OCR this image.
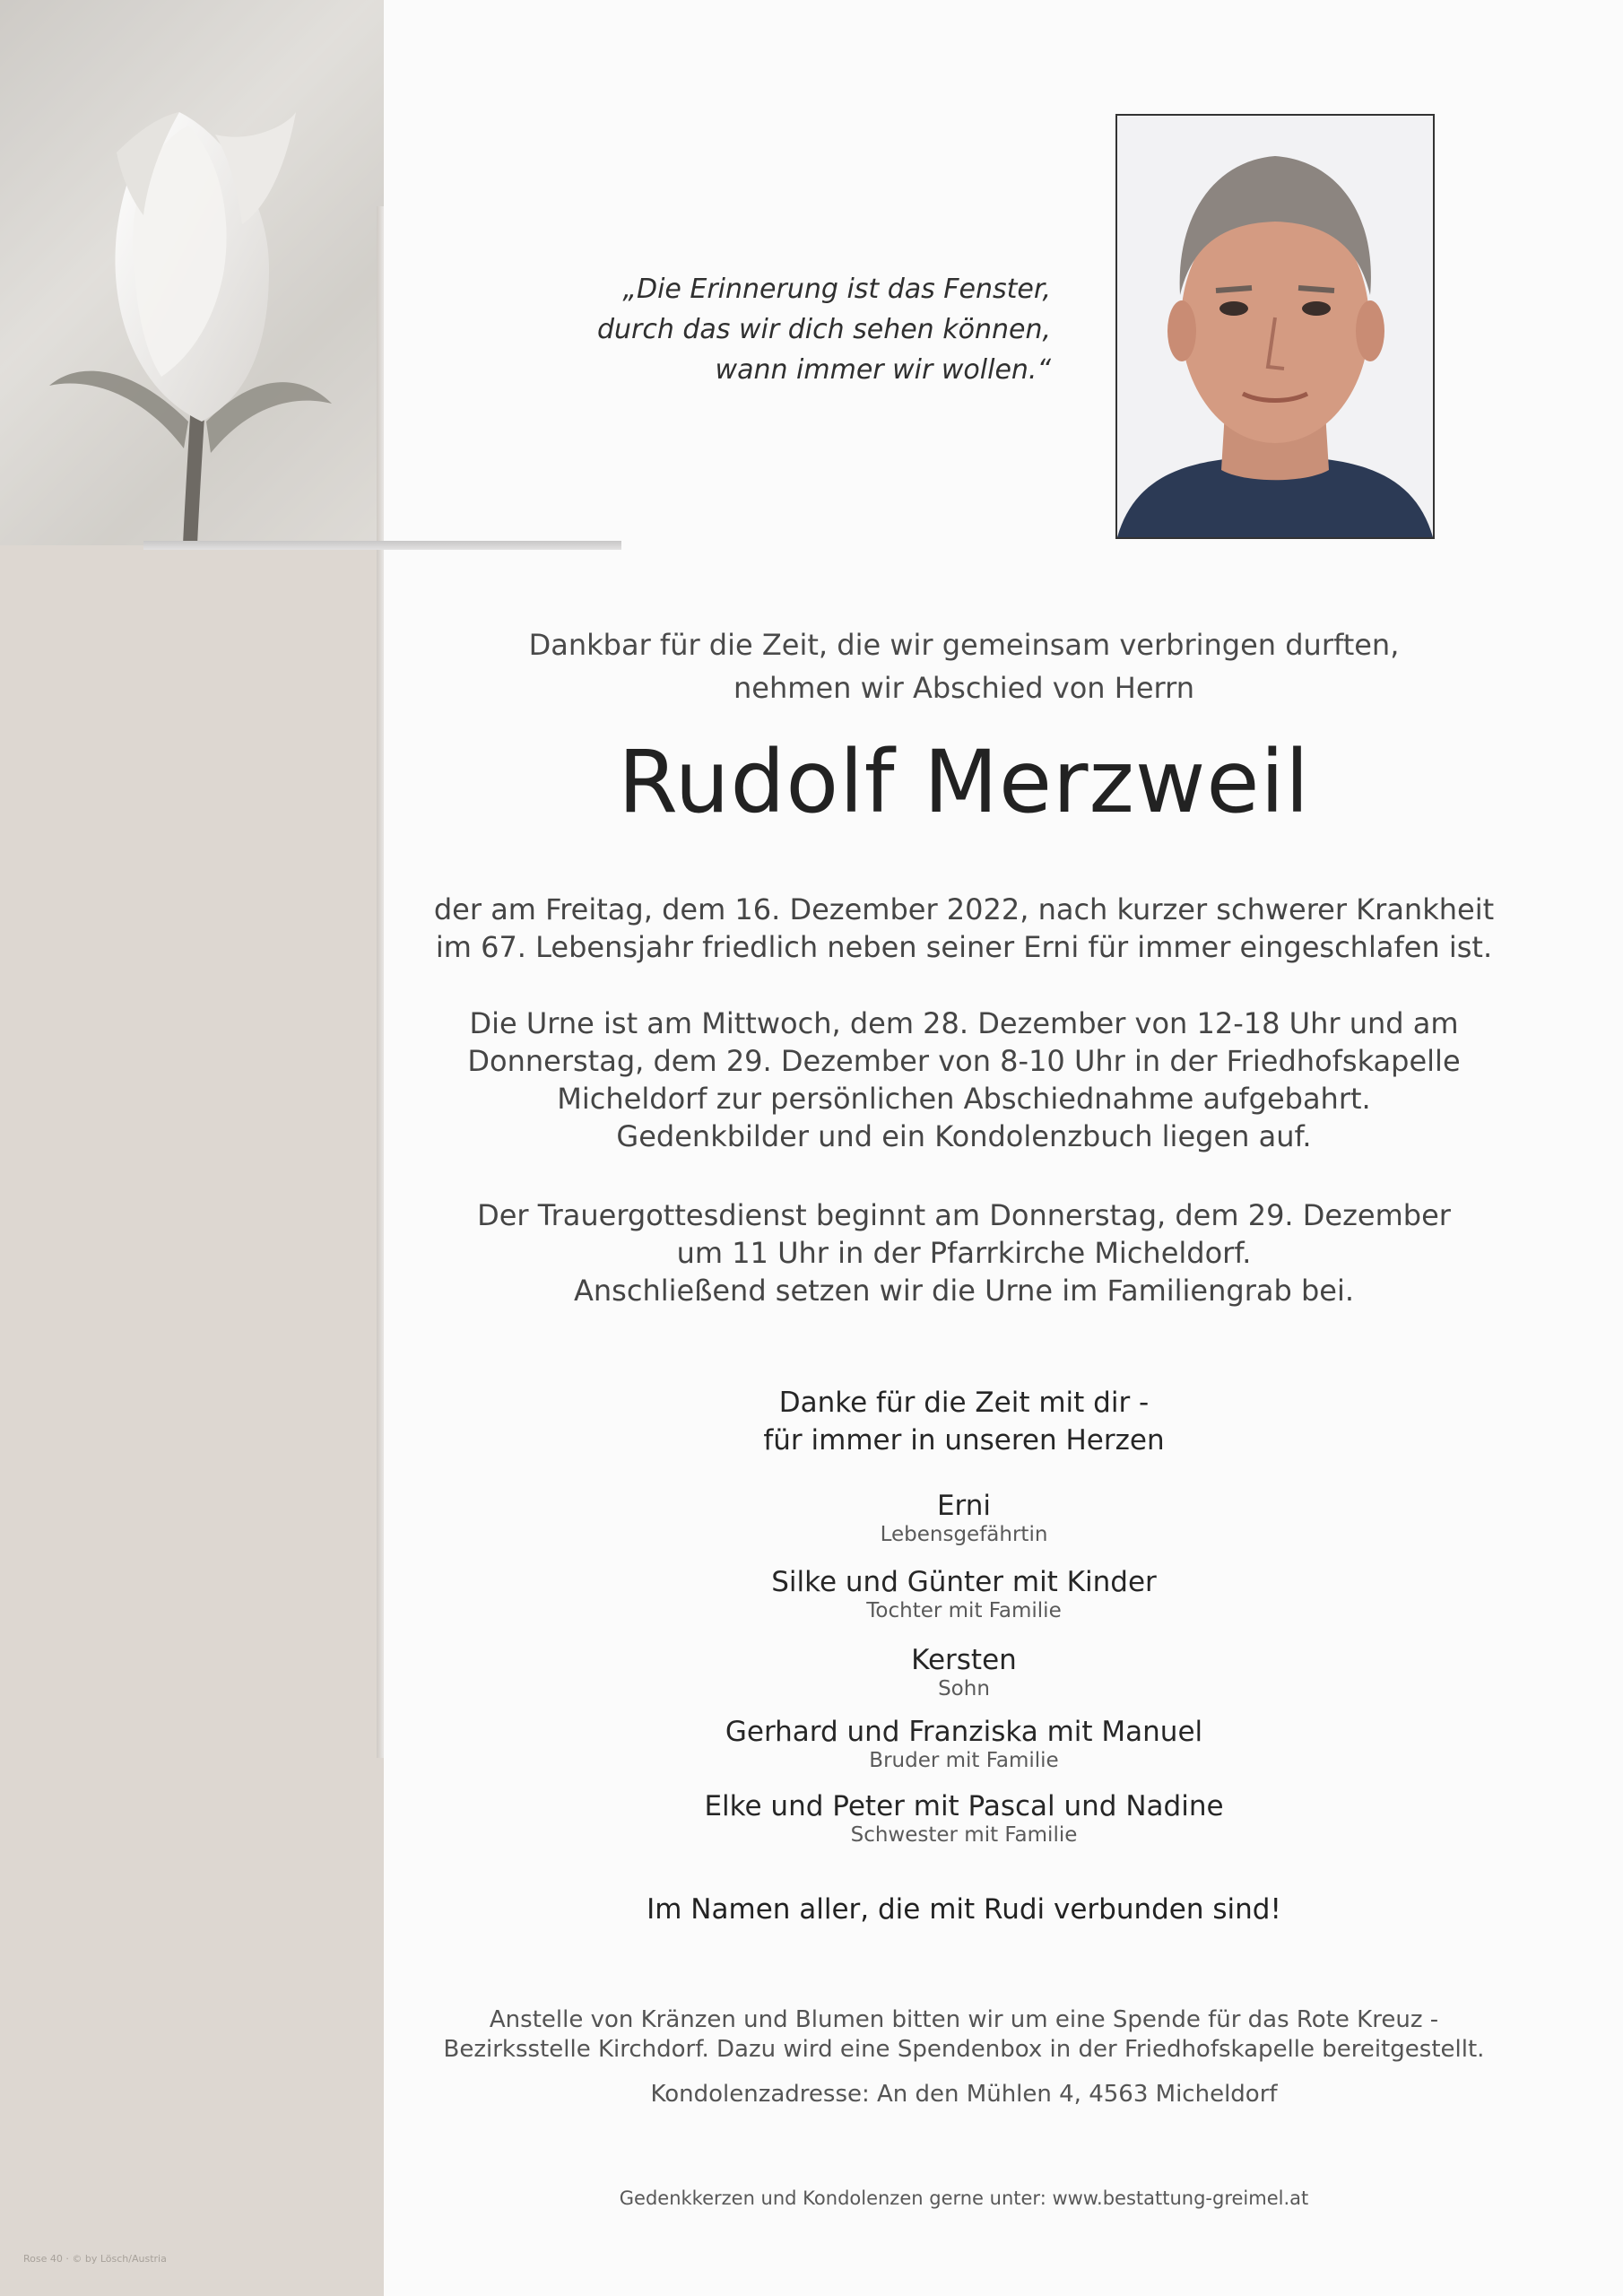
Rose 40 · © by Lösch/Austria
„Die Erinnerung ist das Fenster,
durch das wir dich sehen können,
wann immer wir wollen.“
Dankbar für die Zeit, die wir gemeinsam verbringen durften,
nehmen wir Abschied von Herrn
Rudolf Merzweil
der am Freitag, dem 16. Dezember 2022, nach kurzer schwerer Krankheit
im 67. Lebensjahr friedlich neben seiner Erni für immer eingeschlafen ist.
Die Urne ist am Mittwoch, dem 28. Dezember von 12-18 Uhr und am
Donnerstag, dem 29. Dezember von 8-10 Uhr in der Friedhofskapelle
Micheldorf zur persönlichen Abschiednahme aufgebahrt.
Gedenkbilder und ein Kondolenzbuch liegen auf.
Der Trauergottesdienst beginnt am Donnerstag, dem 29. Dezember
um 11 Uhr in der Pfarrkirche Micheldorf.
Anschließend setzen wir die Urne im Familiengrab bei.
Danke für die Zeit mit dir -
für immer in unseren Herzen
Erni
Lebensgefährtin
Silke und Günter mit Kinder
Tochter mit Familie
Kersten
Sohn
Gerhard und Franziska mit Manuel
Bruder mit Familie
Elke und Peter mit Pascal und Nadine
Schwester mit Familie
Im Namen aller, die mit Rudi verbunden sind!
Anstelle von Kränzen und Blumen bitten wir um eine Spende für das Rote Kreuz -
Bezirksstelle Kirchdorf. Dazu wird eine Spendenbox in der Friedhofskapelle bereitgestellt.
Kondolenzadresse: An den Mühlen 4, 4563 Micheldorf
Gedenkkerzen und Kondolenzen gerne unter: www.bestattung-greimel.at
